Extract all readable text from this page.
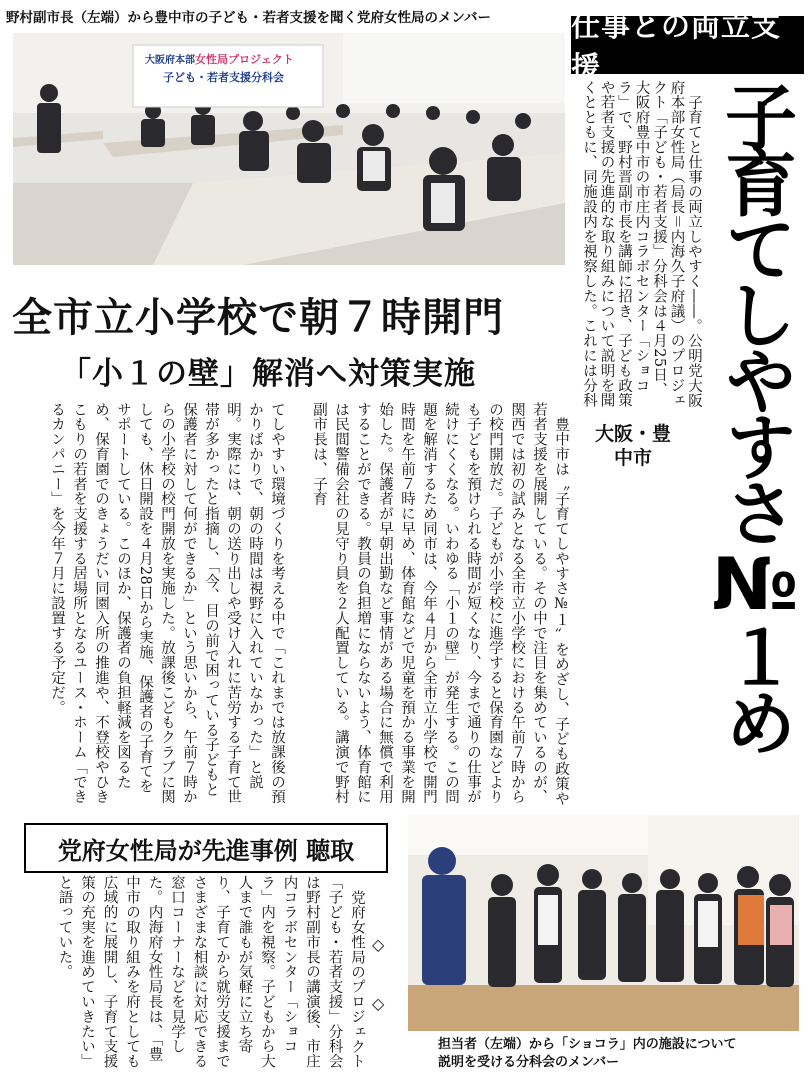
野村副市長（左端）から豊中市の子ども・若者支援を聞く党府女性局のメンバー
大阪府本部女性局プロジェクト
子ども・若者支援分科会
仕事との両立支援
子育てしやすさ№１め

子育てと仕事の両立しやすく――。公明党大阪府本部女性局（局長＝内海久子府議）のプロジェクト「子ども・若者支援」分科会は４月25日、大阪府豊中市の市庄内コラボセンター「ショコラ」で、野村晋副市長を講師に招き、子ども政策や若者支援の先進的な取り組みについて説明を聞くとともに、同施設内を視察した。これには分科

大阪・豊中市
全市立小学校で朝７時開門
「小１の壁」解消へ対策実施

豊中市は〝子育てしやすさ№１〟をめざし、子ども政策や若者支援を展開している。その中で注目を集めているのが、関西では初の試みとなる全市立小学校における午前７時からの校門開放だ。子どもが小学校に進学すると保育園などよりも子どもを預けられる時間が短くなり、今まで通りの仕事が続けにくくなる。いわゆる「小１の壁」が発生する。この問題を解消するため同市は、今年４月から全市立小学校で開門時間を午前７時に早め、体育館などで児童を預かる事業を開始した。保護者が早朝出勤など事情がある場合に無償で利用することができる。教員の負担増にならないよう、体育館には民間警備会社の見守り員を２人配置している。講演で野村副市長は、子育

てしやすい環境づくりを考える中で「これまでは放課後の預かりばかりで、朝の時間は視野に入れていなかった」と説明。実際には、朝の送り出しや受け入れに苦労する子育て世帯が多かったと指摘し、「今、目の前で困っている子どもと保護者に対して何ができるか」という思いから、午前７時からの小学校の校門開放を実施した。放課後こどもクラブに関しても、休日開設を４月28日から実施、保護者の子育てをサポートしている。このほか、保護者の負担軽減を図るため、保育園でのきょうだい同園入所の推進や、不登校やひきこもりの若者を支援する居場所となるユース・ホーム「できるカンパニー」を今年７月に設置する予定だ。

党府女性局が先進事例 聴取
◇
◇

党府女性局のプロジェクト「子ども・若者支援」分科会は野村副市長の講演後、市庄内コラボセンター「ショコラ」内を視察。子どもから大人まで誰もが気軽に立ち寄り、子育てから就労支援までさまざまな相談に対応できる窓口コーナーなどを見学した。内海府女性局長は、「豊中市の取り組みを府としても広域的に展開し、子育て支援策の充実を進めていきたい」と語っていた。

担当者（左端）から「ショコラ」内の施設について
説明を受ける分科会のメンバー
